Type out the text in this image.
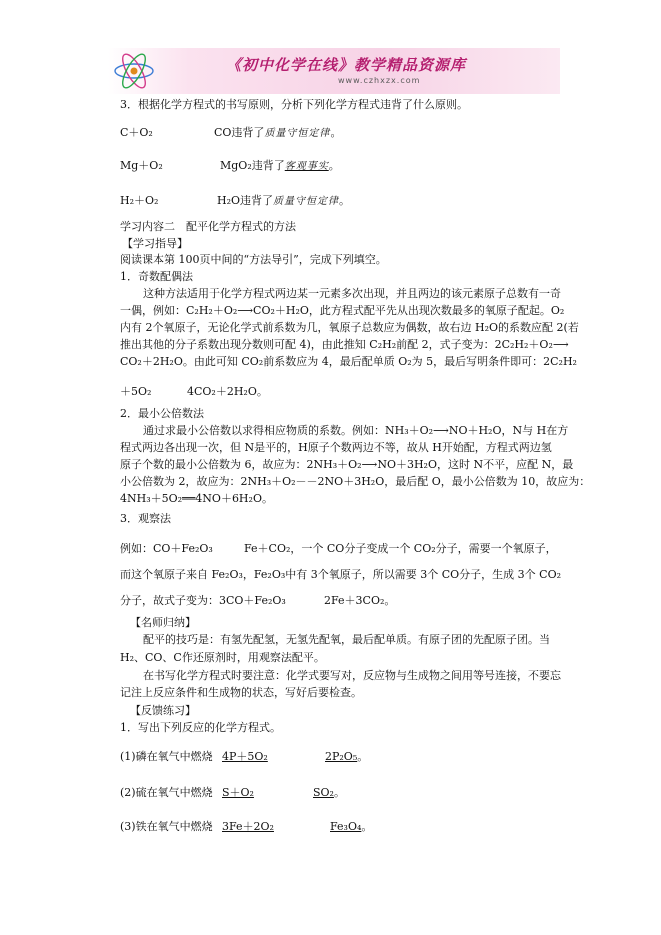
《初中化学在线》教学精品资源库
www.czhxzx.com
3．根据化学方程式的书写原则，分析下列化学方程式违背了什么原则。
C＋O₂	CO违背了质量守恒定律。
Mg＋O₂	MgO₂违背了客观事实。
H₂＋O₂	H₂O违背了质量守恒定律。
学习内容二　配平化学方程式的方法
【学习指导】
阅读课本第 100页中间的“方法导引”，完成下列填空。
1．奇数配偶法
这种方法适用于化学方程式两边某一元素多次出现，并且两边的该元素原子总数有一奇
一偶，例如：C₂H₂＋O₂⟶CO₂＋H₂O，此方程式配平先从出现次数最多的氧原子配起。O₂
内有 2个氧原子，无论化学式前系数为几，氧原子总数应为偶数，故右边 H₂O的系数应配 2(若
推出其他的分子系数出现分数则可配 4)，由此推知 C₂H₂前配 2，式子变为：2C₂H₂＋O₂⟶
CO₂＋2H₂O。由此可知 CO₂前系数应为 4，最后配单质 O₂为 5，最后写明条件即可：2C₂H₂
＋5O₂	4CO₂＋2H₂O。
2．最小公倍数法
通过求最小公倍数以求得相应物质的系数。例如：NH₃＋O₂⟶NO＋H₂O，N与 H在方
程式两边各出现一次，但 N是平的，H原子个数两边不等，故从 H开始配，方程式两边氢
原子个数的最小公倍数为 6，故应为：2NH₃＋O₂⟶NO＋3H₂O，这时 N不平，应配 N，最
小公倍数为 2，故应为：2NH₃＋O₂－－2NO＋3H₂O，最后配 O，最小公倍数为 10，故应为：
4NH₃＋5O₂══4NO＋6H₂O。
3．观察法
例如：CO＋Fe₂O₃	Fe＋CO₂，一个 CO分子变成一个 CO₂分子，需要一个氧原子，
而这个氧原子来自 Fe₂O₃，Fe₂O₃中有 3个氧原子，所以需要 3个 CO分子，生成 3个 CO₂
分子，故式子变为：3CO＋Fe₂O₃	2Fe＋3CO₂。
【名师归纳】
配平的技巧是：有氢先配氢，无氢先配氧，最后配单质。有原子团的先配原子团。当
H₂、CO、C作还原剂时，用观察法配平。
在书写化学方程式时要注意：化学式要写对，反应物与生成物之间用等号连接，不要忘
记注上反应条件和生成物的状态，写好后要检查。
【反馈练习】
1．写出下列反应的化学方程式。
(1)磷在氧气中燃烧 4P＋5O₂	2P₂O₅。
(2)硫在氧气中燃烧 S＋O₂	SO₂。
(3)铁在氧气中燃烧 3Fe＋2O₂	Fe₃O₄。
